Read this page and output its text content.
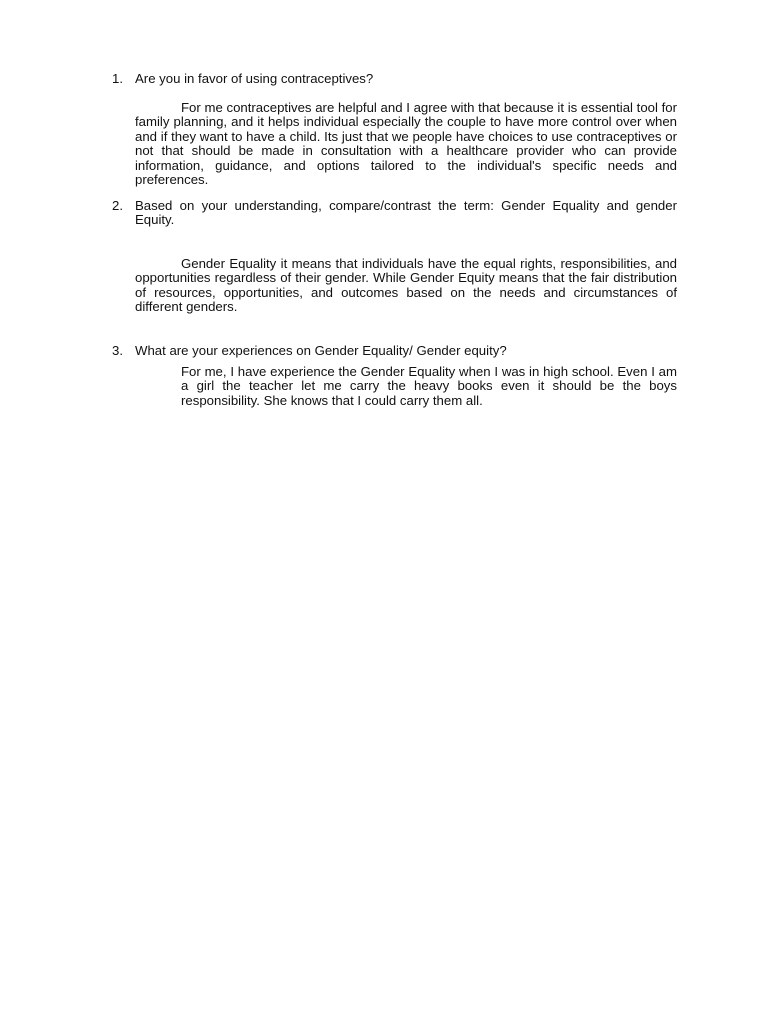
1. Are you in favor of using contraceptives?
For me contraceptives are helpful and I agree with that because it is essential tool for family planning, and it helps individual especially the couple to have more control over when and if they want to have a child. Its just that we people have choices to use contraceptives or not that should be made in consultation with a healthcare provider who can provide information, guidance, and options tailored to the individual's specific needs and preferences.
2. Based on your understanding, compare/contrast the term: Gender Equality and gender Equity.
Gender Equality it means that individuals have the equal rights, responsibilities, and opportunities regardless of their gender. While Gender Equity means that the fair distribution of resources, opportunities, and outcomes based on the needs and circumstances of different genders.
3. What are your experiences on Gender Equality/ Gender equity?
For me, I have experience the Gender Equality when I was in high school. Even I am a girl the teacher let me carry the heavy books even it should be the boys responsibility. She knows that I could carry them all.
